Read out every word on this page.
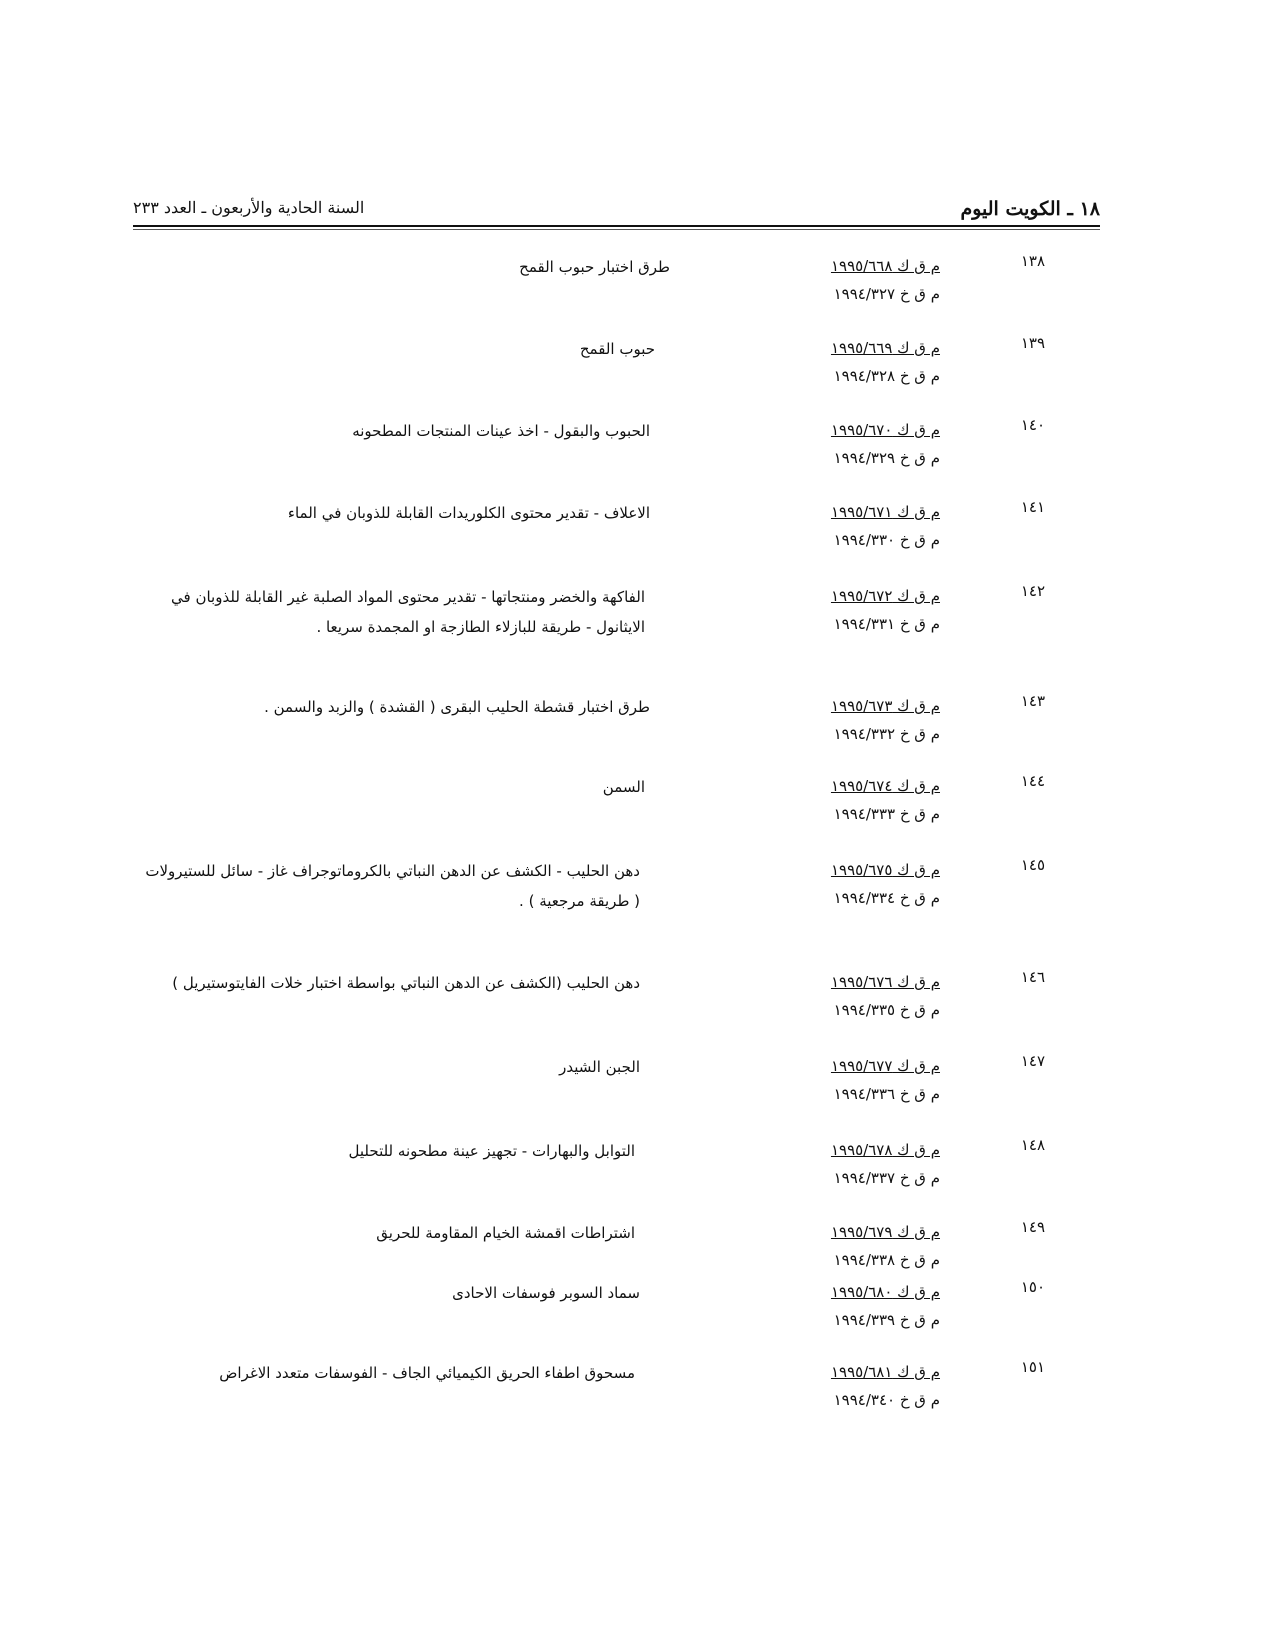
السنة الحادية والأربعون ـ العدد ٢٣٣	١٨ ـ الكويت اليوم
١٣٨
م ق ك ١٩٩٥/٦٦٨
م ق خ ١٩٩٤/٣٢٧
طرق اختبار حبوب القمح
١٣٩
م ق ك ١٩٩٥/٦٦٩
م ق خ ١٩٩٤/٣٢٨
حبوب القمح
١٤٠
م ق ك ١٩٩٥/٦٧٠
م ق خ ١٩٩٤/٣٢٩
الحبوب والبقول - اخذ عينات المنتجات المطحونه
١٤١
م ق ك ١٩٩٥/٦٧١
م ق خ ١٩٩٤/٣٣٠
الاعلاف - تقدير محتوى الكلوريدات القابلة للذوبان في الماء
١٤٢
م ق ك ١٩٩٥/٦٧٢
م ق خ ١٩٩٤/٣٣١
الفاكهة والخضر ومنتجاتها - تقدير محتوى المواد الصلبة غير القابلة للذوبان في الايثانول - طريقة للبازلاء الطازجة او المجمدة سريعا .
١٤٣
م ق ك ١٩٩٥/٦٧٣
م ق خ ١٩٩٤/٣٣٢
طرق اختبار قشطة الحليب البقرى ( القشدة ) والزبد والسمن .
١٤٤
م ق ك ١٩٩٥/٦٧٤
م ق خ ١٩٩٤/٣٣٣
السمن
١٤٥
م ق ك ١٩٩٥/٦٧٥
م ق خ ١٩٩٤/٣٣٤
دهن الحليب - الكشف عن الدهن النباتي بالكروماتوجراف غاز - سائل للستيرولات ( طريقة مرجعية ) .
١٤٦
م ق ك ١٩٩٥/٦٧٦
م ق خ ١٩٩٤/٣٣٥
دهن الحليب (الكشف عن الدهن النباتي بواسطة اختبار خلات الفايتوستيريل )
١٤٧
م ق ك ١٩٩٥/٦٧٧
م ق خ ١٩٩٤/٣٣٦
الجبن الشيدر
١٤٨
م ق ك ١٩٩٥/٦٧٨
م ق خ ١٩٩٤/٣٣٧
التوابل والبهارات - تجهيز عينة مطحونه للتحليل
١٤٩
م ق ك ١٩٩٥/٦٧٩
م ق خ ١٩٩٤/٣٣٨
اشتراطات اقمشة الخيام المقاومة للحريق
١٥٠
م ق ك ١٩٩٥/٦٨٠
م ق خ ١٩٩٤/٣٣٩
سماد السوبر فوسفات الاحادى
١٥١
م ق ك ١٩٩٥/٦٨١
م ق خ ١٩٩٤/٣٤٠
مسحوق اطفاء الحريق الكيميائي الجاف - الفوسفات متعدد الاغراض
